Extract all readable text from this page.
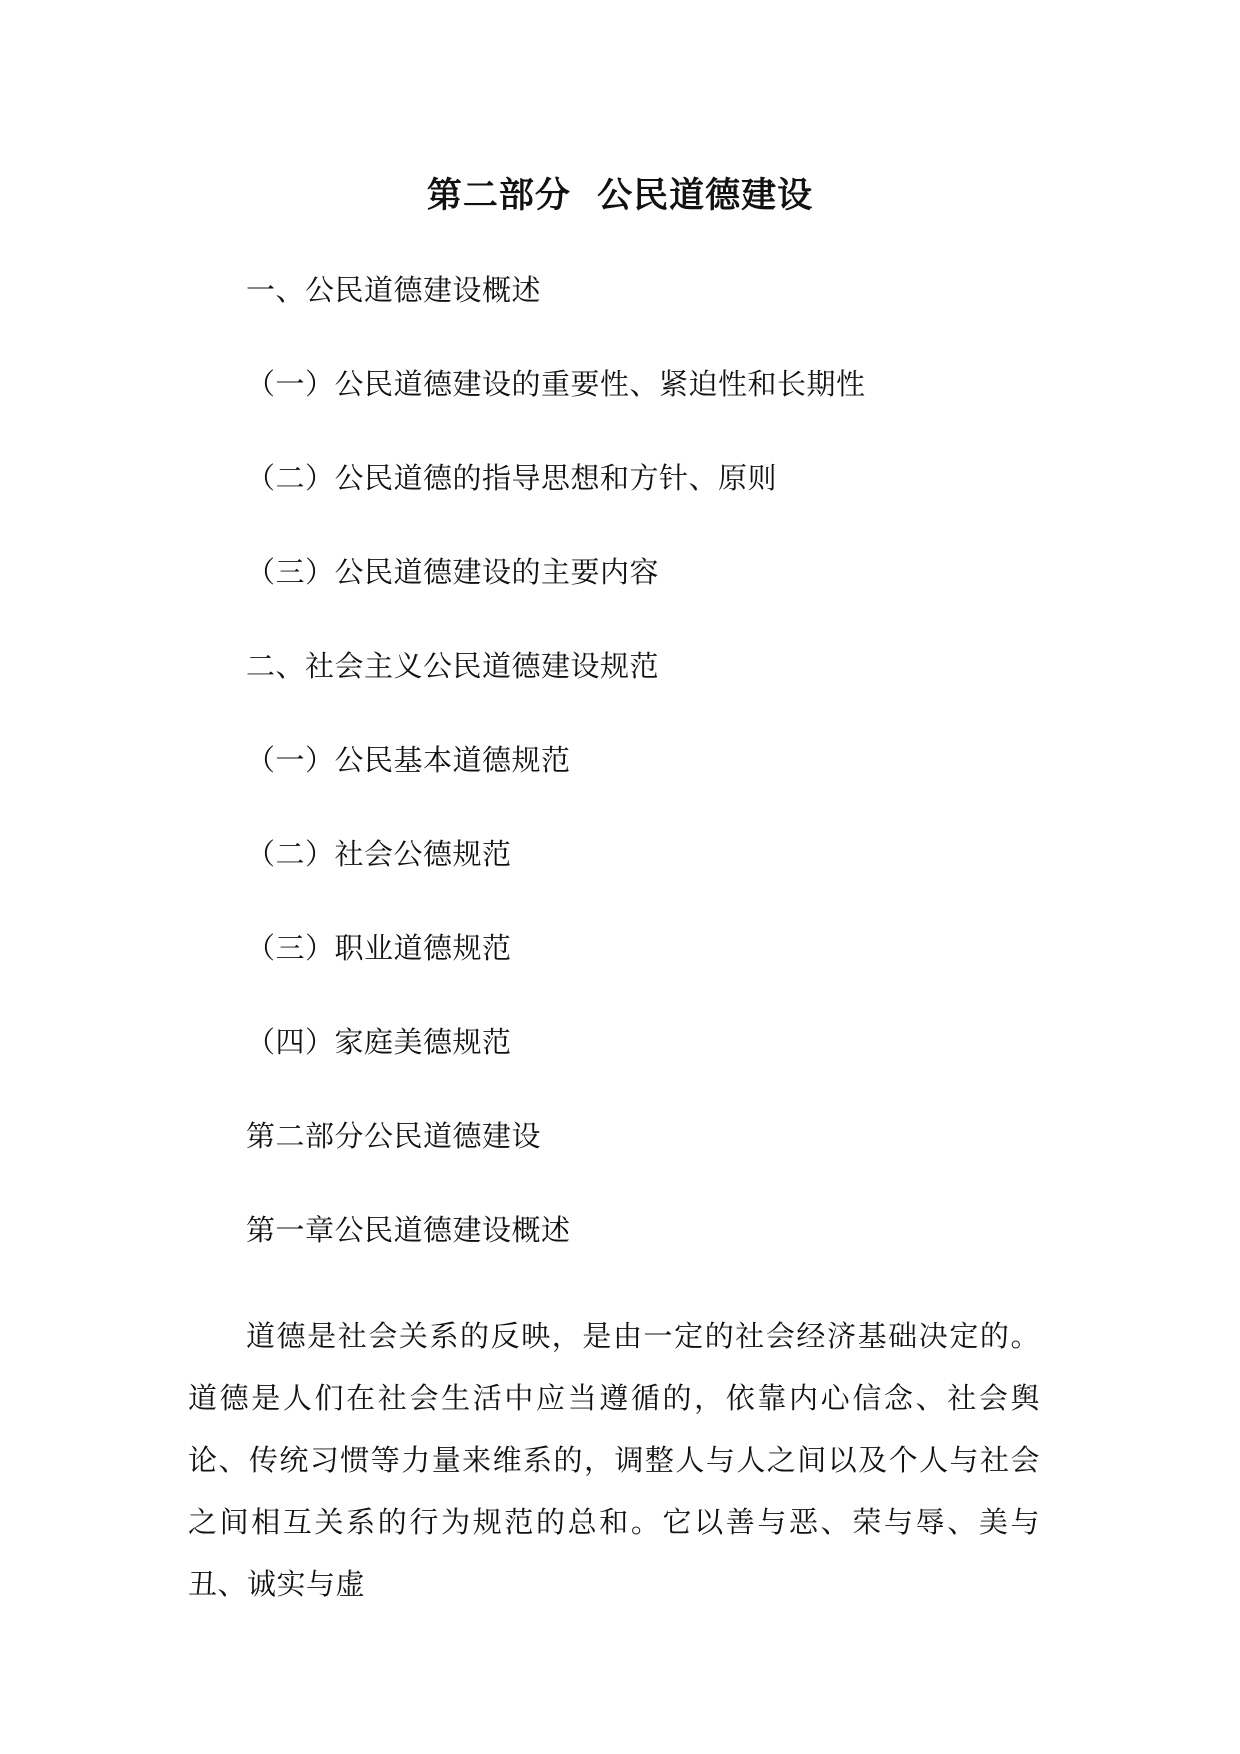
第二部分  公民道德建设
一、公民道德建设概述
（一）公民道德建设的重要性、紧迫性和长期性
（二）公民道德的指导思想和方针、原则
（三）公民道德建设的主要内容
二、社会主义公民道德建设规范
（一）公民基本道德规范
（二）社会公德规范
（三）职业道德规范
（四）家庭美德规范
第二部分公民道德建设
第一章公民道德建设概述
道德是社会关系的反映，是由一定的社会经济基础决定的。道德是人们在社会生活中应当遵循的，依靠内心信念、社会舆论、传统习惯等力量来维系的，调整人与人之间以及个人与社会之间相互关系的行为规范的总和。它以善与恶、荣与辱、美与丑、诚实与虚
